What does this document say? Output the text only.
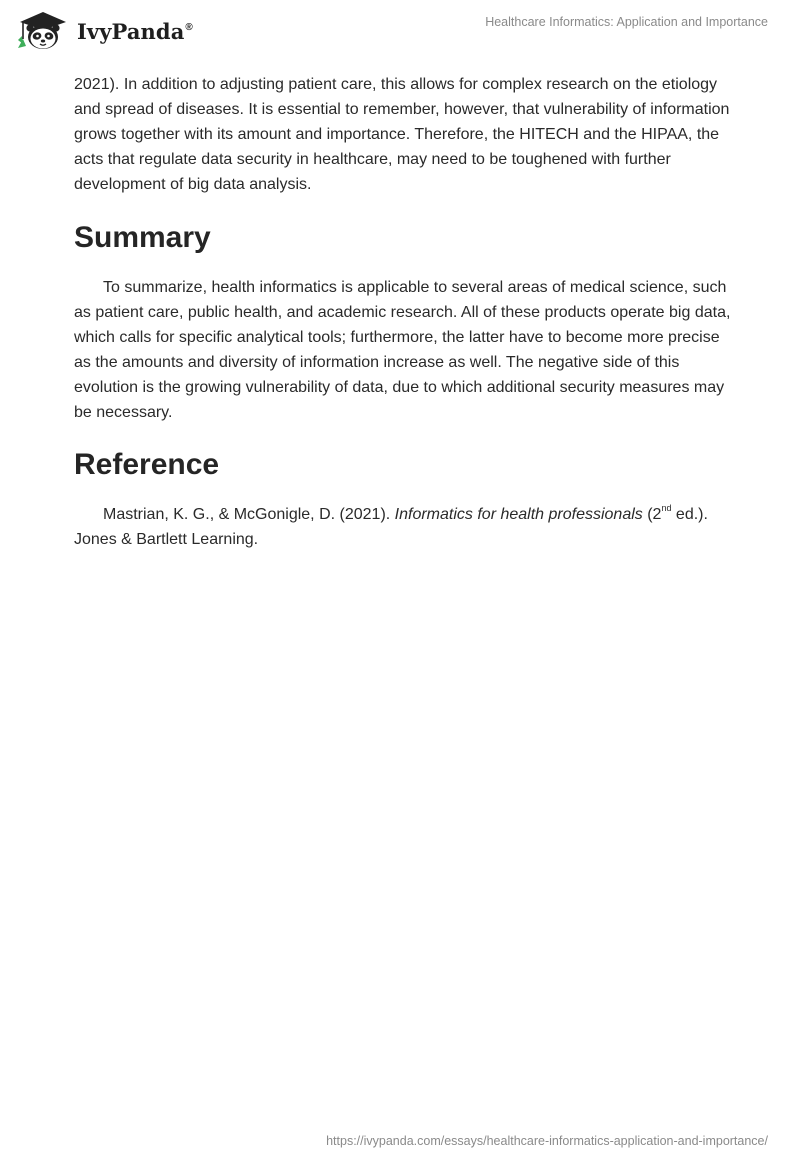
IvyPanda®	Healthcare Informatics: Application and Importance

2021). In addition to adjusting patient care, this allows for complex research on the etiology and spread of diseases. It is essential to remember, however, that vulnerability of information grows together with its amount and importance. Therefore, the HITECH and the HIPAA, the acts that regulate data security in healthcare, may need to be toughened with further development of big data analysis.

Summary

To summarize, health informatics is applicable to several areas of medical science, such as patient care, public health, and academic research. All of these products operate big data, which calls for specific analytical tools; furthermore, the latter have to become more precise as the amounts and diversity of information increase as well. The negative side of this evolution is the growing vulnerability of data, due to which additional security measures may be necessary.

Reference

Mastrian, K. G., & McGonigle, D. (2021). Informatics for health professionals (2nd ed.). Jones & Bartlett Learning.

https://ivypanda.com/essays/healthcare-informatics-application-and-importance/
